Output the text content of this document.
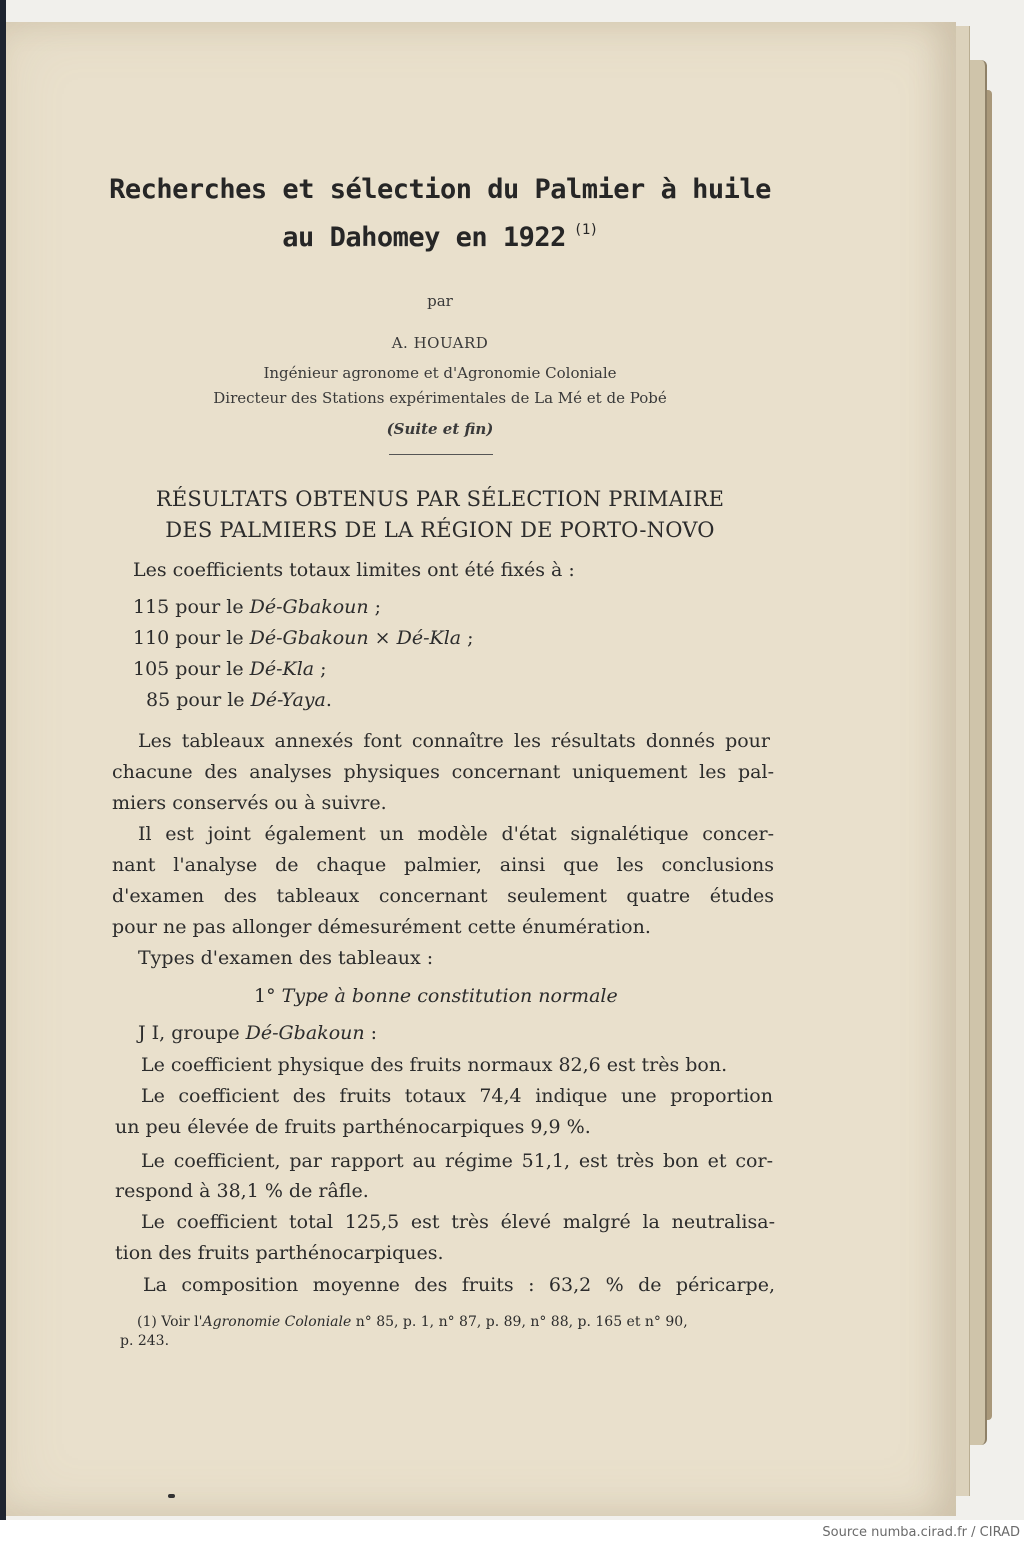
Recherches et sélection du Palmier à huile
au Dahomey en 1922 $^{(1)}$
par
A. HOUARD
Ingénieur agronome et d'Agronomie Coloniale
Directeur des Stations expérimentales de La Mé et de Pobé
(Suite et fin)
RÉSULTATS OBTENUS PAR SÉLECTION PRIMAIRE
DES PALMIERS DE LA RÉGION DE PORTO-NOVO
Les coefficients totaux limites ont été fixés à :
115 pour le Dé-Gbakoun ;
110 pour le Dé-Gbakoun × Dé-Kla ;
105 pour le Dé-Kla ;
85 pour le Dé-Yaya.
Les tableaux annexés font connaître les résultats donnés pour
chacune des analyses physiques concernant uniquement les pal-
miers conservés ou à suivre.
Il est joint également un modèle d'état signalétique concer-
nant l'analyse de chaque palmier, ainsi que les conclusions
d'examen des tableaux concernant seulement quatre études
pour ne pas allonger démesurément cette énumération.
Types d'examen des tableaux :
1° Type à bonne constitution normale
J I, groupe Dé-Gbakoun :
Le coefficient physique des fruits normaux 82,6 est très bon.
Le coefficient des fruits totaux 74,4 indique une proportion
un peu élevée de fruits parthénocarpiques 9,9 %.
Le coefficient, par rapport au régime 51,1, est très bon et cor-
respond à 38,1 % de râfle.
Le coefficient total 125,5 est très élevé malgré la neutralisa-
tion des fruits parthénocarpiques.
La composition moyenne des fruits : 63,2 % de péricarpe,
(1) Voir l'Agronomie Coloniale n° 85, p. 1, n° 87, p. 89, n° 88, p. 165 et n° 90,
p. 243.
Source numba.cirad.fr / CIRAD
